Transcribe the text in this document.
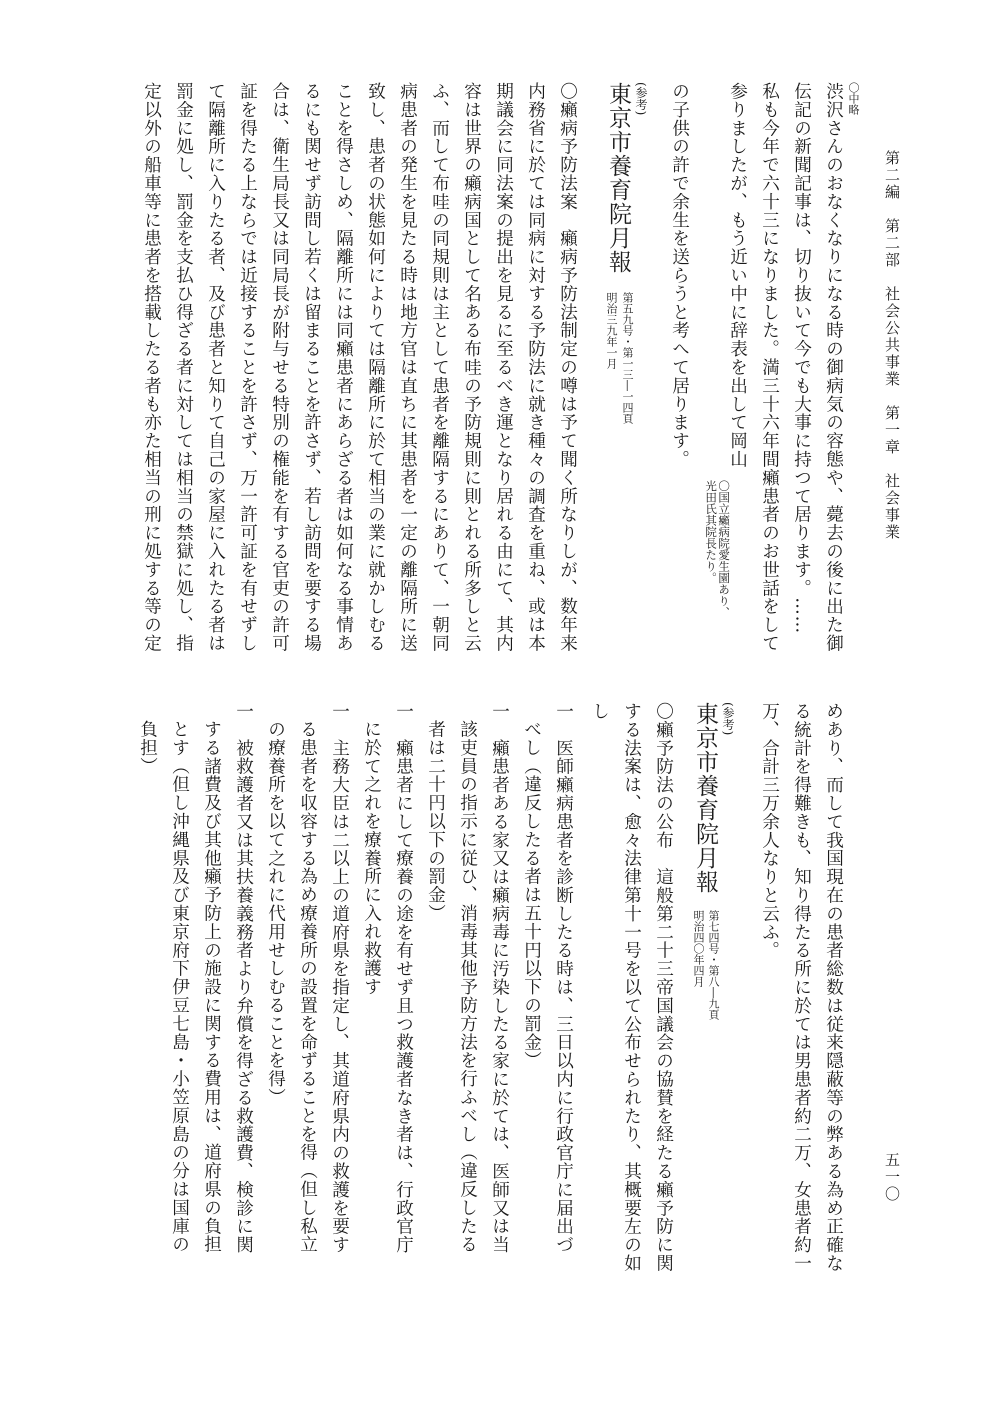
第二編　第二部　社会公共事業　第一章　社会事業
五一〇
〇中略
渋沢さんのおなくなりになる時の御病気の容態や、薨去の後に出た御
伝記の新聞記事は、切り抜いて今でも大事に持つて居ります。……
私も今年で六十三になりました。満三十六年間癩患者のお世話をして
参りましたが、もう近い中に辞表を出して岡山
〇国立癩病院愛生園あり、
光田氏其院長たり。
の子供の許で余生を送らうと考へて居ります。
(参考)
東京市養育院月報
第五九号・第一三―一四頁
明治三九年一月
〇癩病予防法案　癩病予防法制定の噂は予て聞く所なりしが、数年来
内務省に於ては同病に対する予防法に就き種々の調査を重ね、或は本
期議会に同法案の提出を見るに至るべき運となり居れる由にて、其内
容は世界の癩病国として名ある布哇の予防規則に則とれる所多しと云
ふ、而して布哇の同規則は主として患者を離隔するにありて、一朝同
病患者の発生を見たる時は地方官は直ちに其患者を一定の離隔所に送
致し、患者の状態如何によりては隔離所に於て相当の業に就かしむる
ことを得さしめ、隔離所には同癩患者にあらざる者は如何なる事情あ
るにも関せず訪問し若くは留まることを許さず、若し訪問を要する場
合は、衛生局長又は同局長が附与せる特別の権能を有する官吏の許可
証を得たる上ならでは近接することを許さず、万一許可証を有せずし
て隔離所に入りたる者、及び患者と知りて自己の家屋に入れたる者は
罰金に処し、罰金を支払ひ得ざる者に対しては相当の禁獄に処し、指
定以外の船車等に患者を搭載したる者も亦た相当の刑に処する等の定
めあり、而して我国現在の患者総数は従来隠蔽等の弊ある為め正確な
る統計を得難きも、知り得たる所に於ては男患者約二万、女患者約一
万、合計三万余人なりと云ふ。
(参考)
東京市養育院月報
第七四号・第八―九頁
明治四〇年四月
〇癩予防法の公布　這般第二十三帝国議会の協賛を経たる癩予防に関
する法案は、愈々法律第十一号を以て公布せられたり、其概要左の如
し
一　医師癩病患者を診断したる時は、三日以内に行政官庁に届出づ
べし（違反したる者は五十円以下の罰金）
一　癩患者ある家又は癩病毒に汚染したる家に於ては、医師又は当
該吏員の指示に従ひ、消毒其他予防方法を行ふべし（違反したる
者は二十円以下の罰金）
一　癩患者にして療養の途を有せず且つ救護者なき者は、行政官庁
に於て之れを療養所に入れ救護す
一　主務大臣は二以上の道府県を指定し、其道府県内の救護を要す
る患者を収容する為め療養所の設置を命ずることを得（但し私立
の療養所を以て之れに代用せしむることを得）
一　被救護者又は其扶養義務者より弁償を得ざる救護費、検診に関
する諸費及び其他癩予防上の施設に関する費用は、道府県の負担
とす（但し沖縄県及び東京府下伊豆七島・小笠原島の分は国庫の
負担）
